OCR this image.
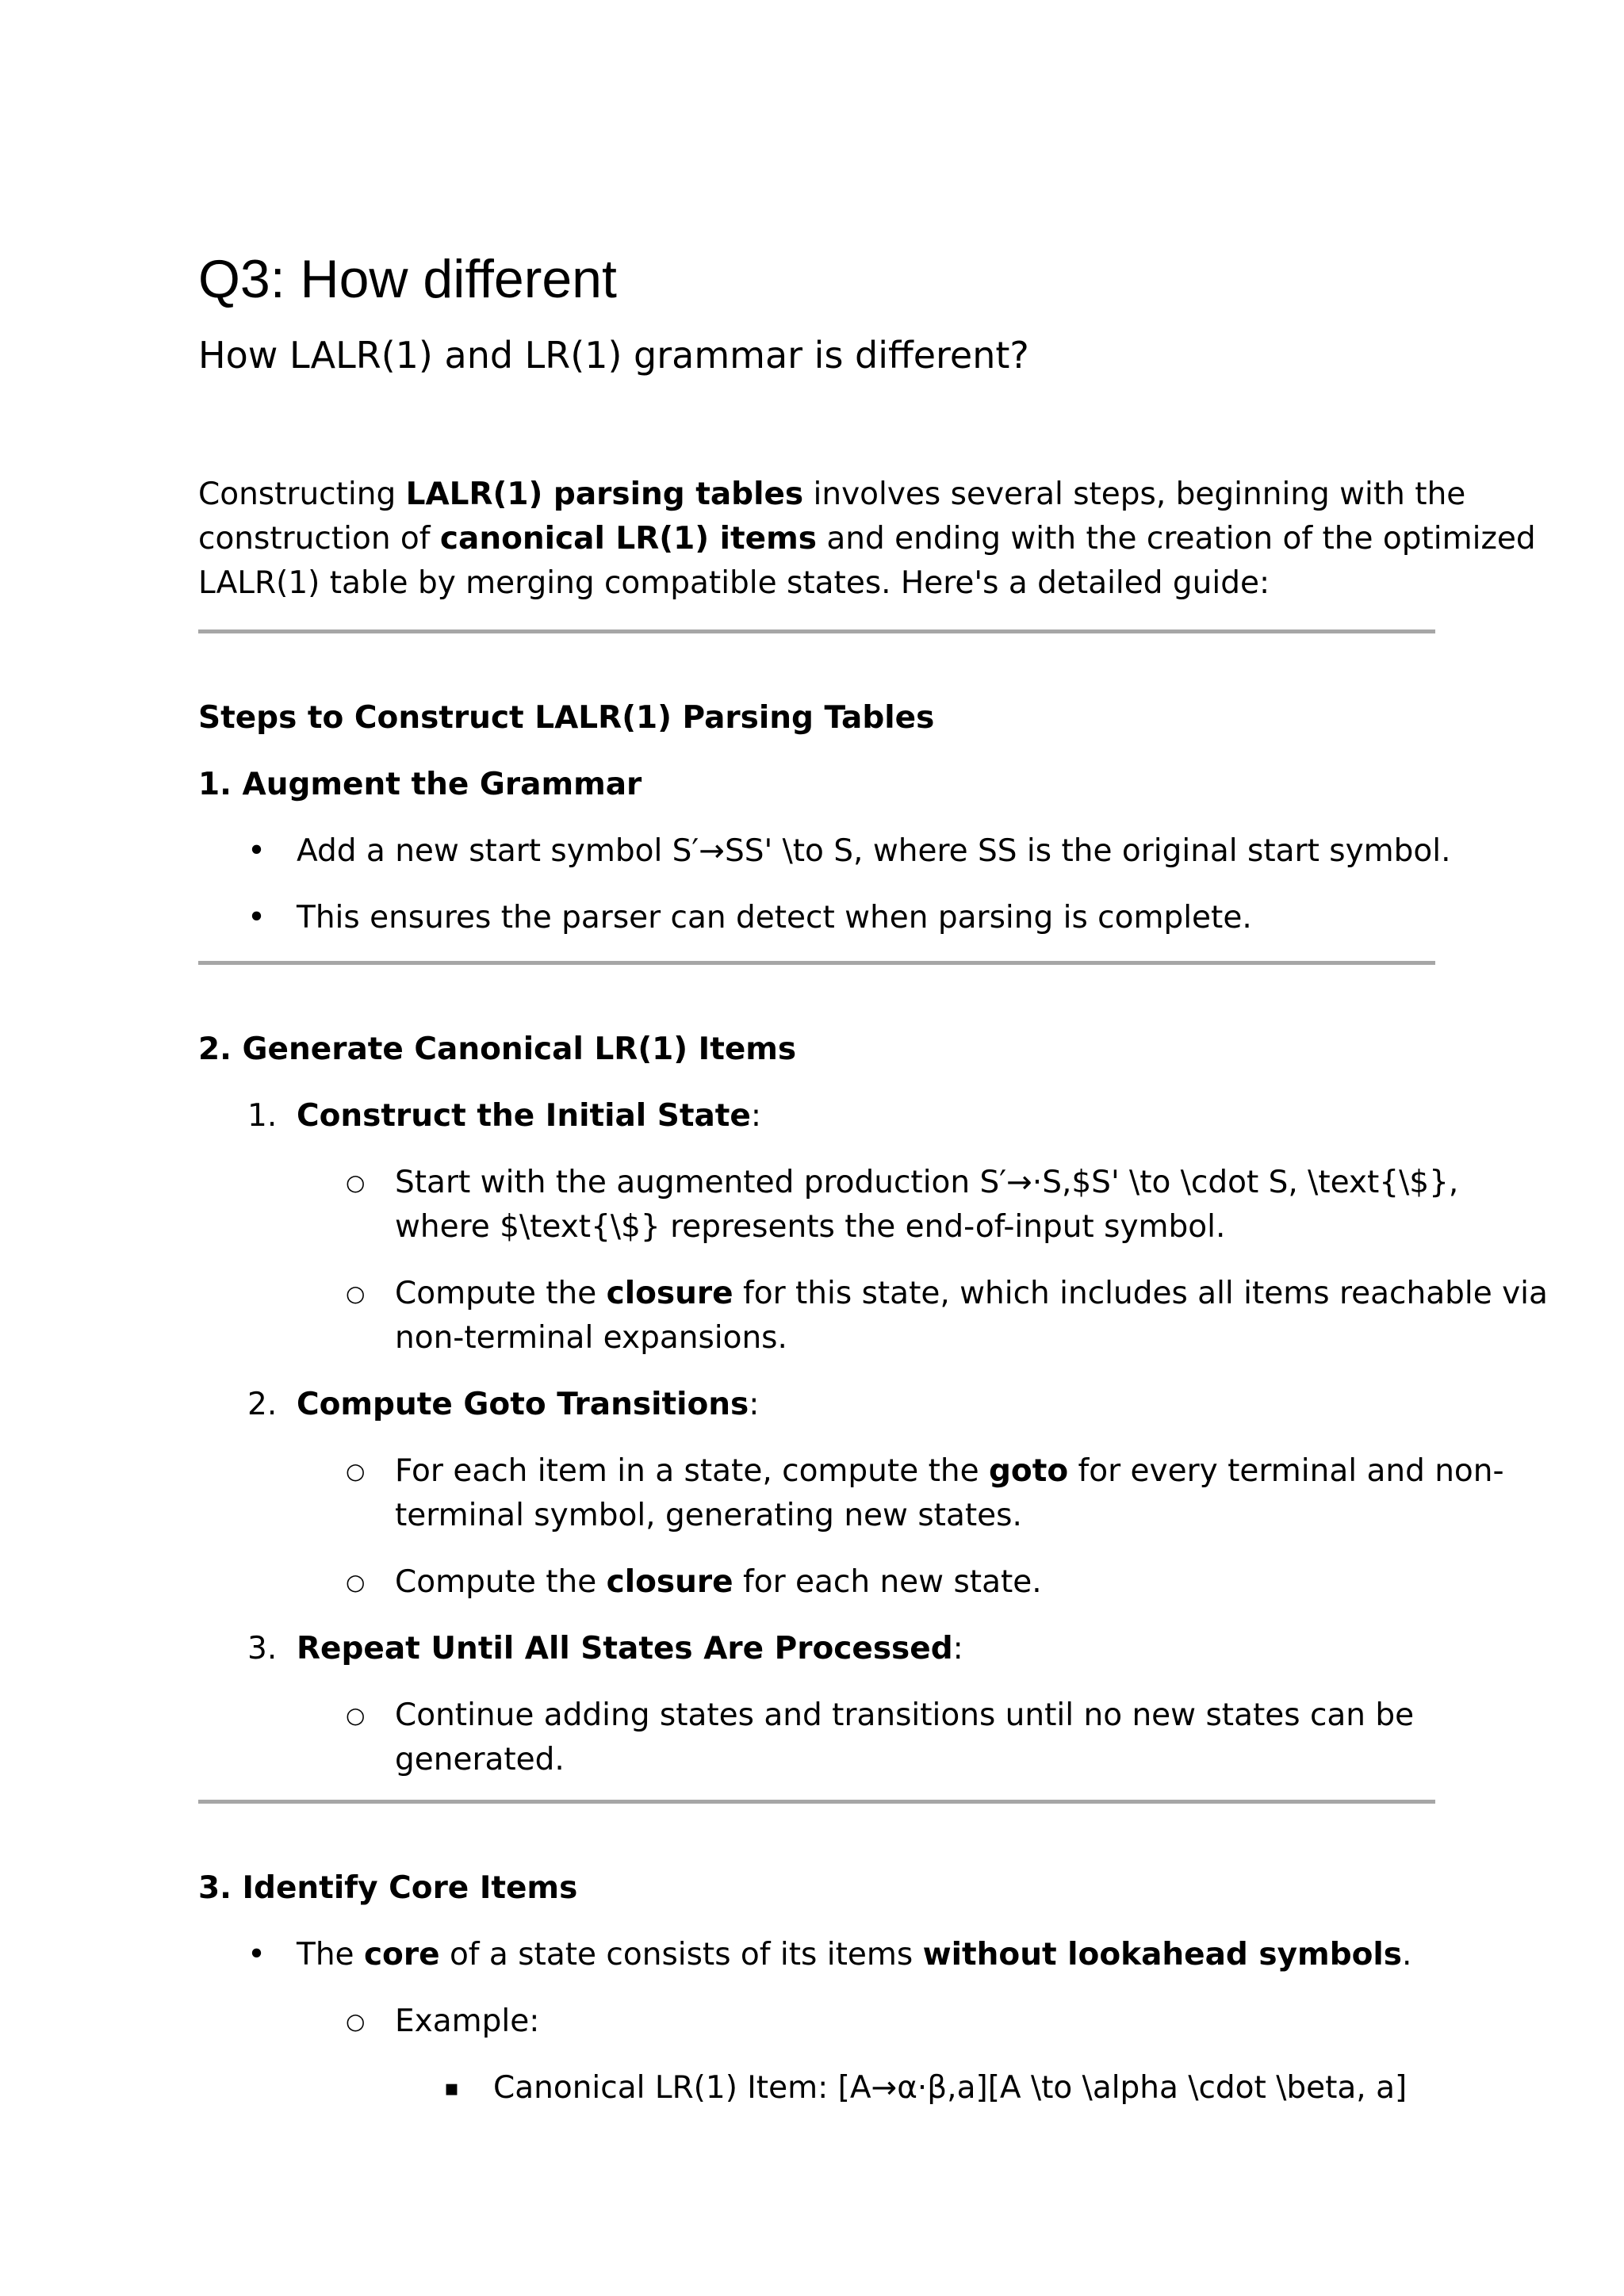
Q3: How different
How LALR(1) and LR(1) grammar is different?
Constructing LALR(1) parsing tables involves several steps, beginning with the
construction of canonical LR(1) items and ending with the creation of the optimized
LALR(1) table by merging compatible states. Here's a detailed guide:
Steps to Construct LALR(1) Parsing Tables
1. Augment the Grammar
• Add a new start symbol S′→SS' \to S, where SS is the original start symbol.
• This ensures the parser can detect when parsing is complete.
2. Generate Canonical LR(1) Items
1. Construct the Initial State:
○ Start with the augmented production S′→⋅S,$S' \to \cdot S, \text{\$},
where $\text{\$} represents the end-of-input symbol.
○ Compute the closure for this state, which includes all items reachable via
non-terminal expansions.
2. Compute Goto Transitions:
○ For each item in a state, compute the goto for every terminal and non-
terminal symbol, generating new states.
○ Compute the closure for each new state.
3. Repeat Until All States Are Processed:
○ Continue adding states and transitions until no new states can be
generated.
3. Identify Core Items
• The core of a state consists of its items without lookahead symbols.
○ Example:
▪ Canonical LR(1) Item: [A→α⋅β,a][A \to \alpha \cdot \beta, a]
